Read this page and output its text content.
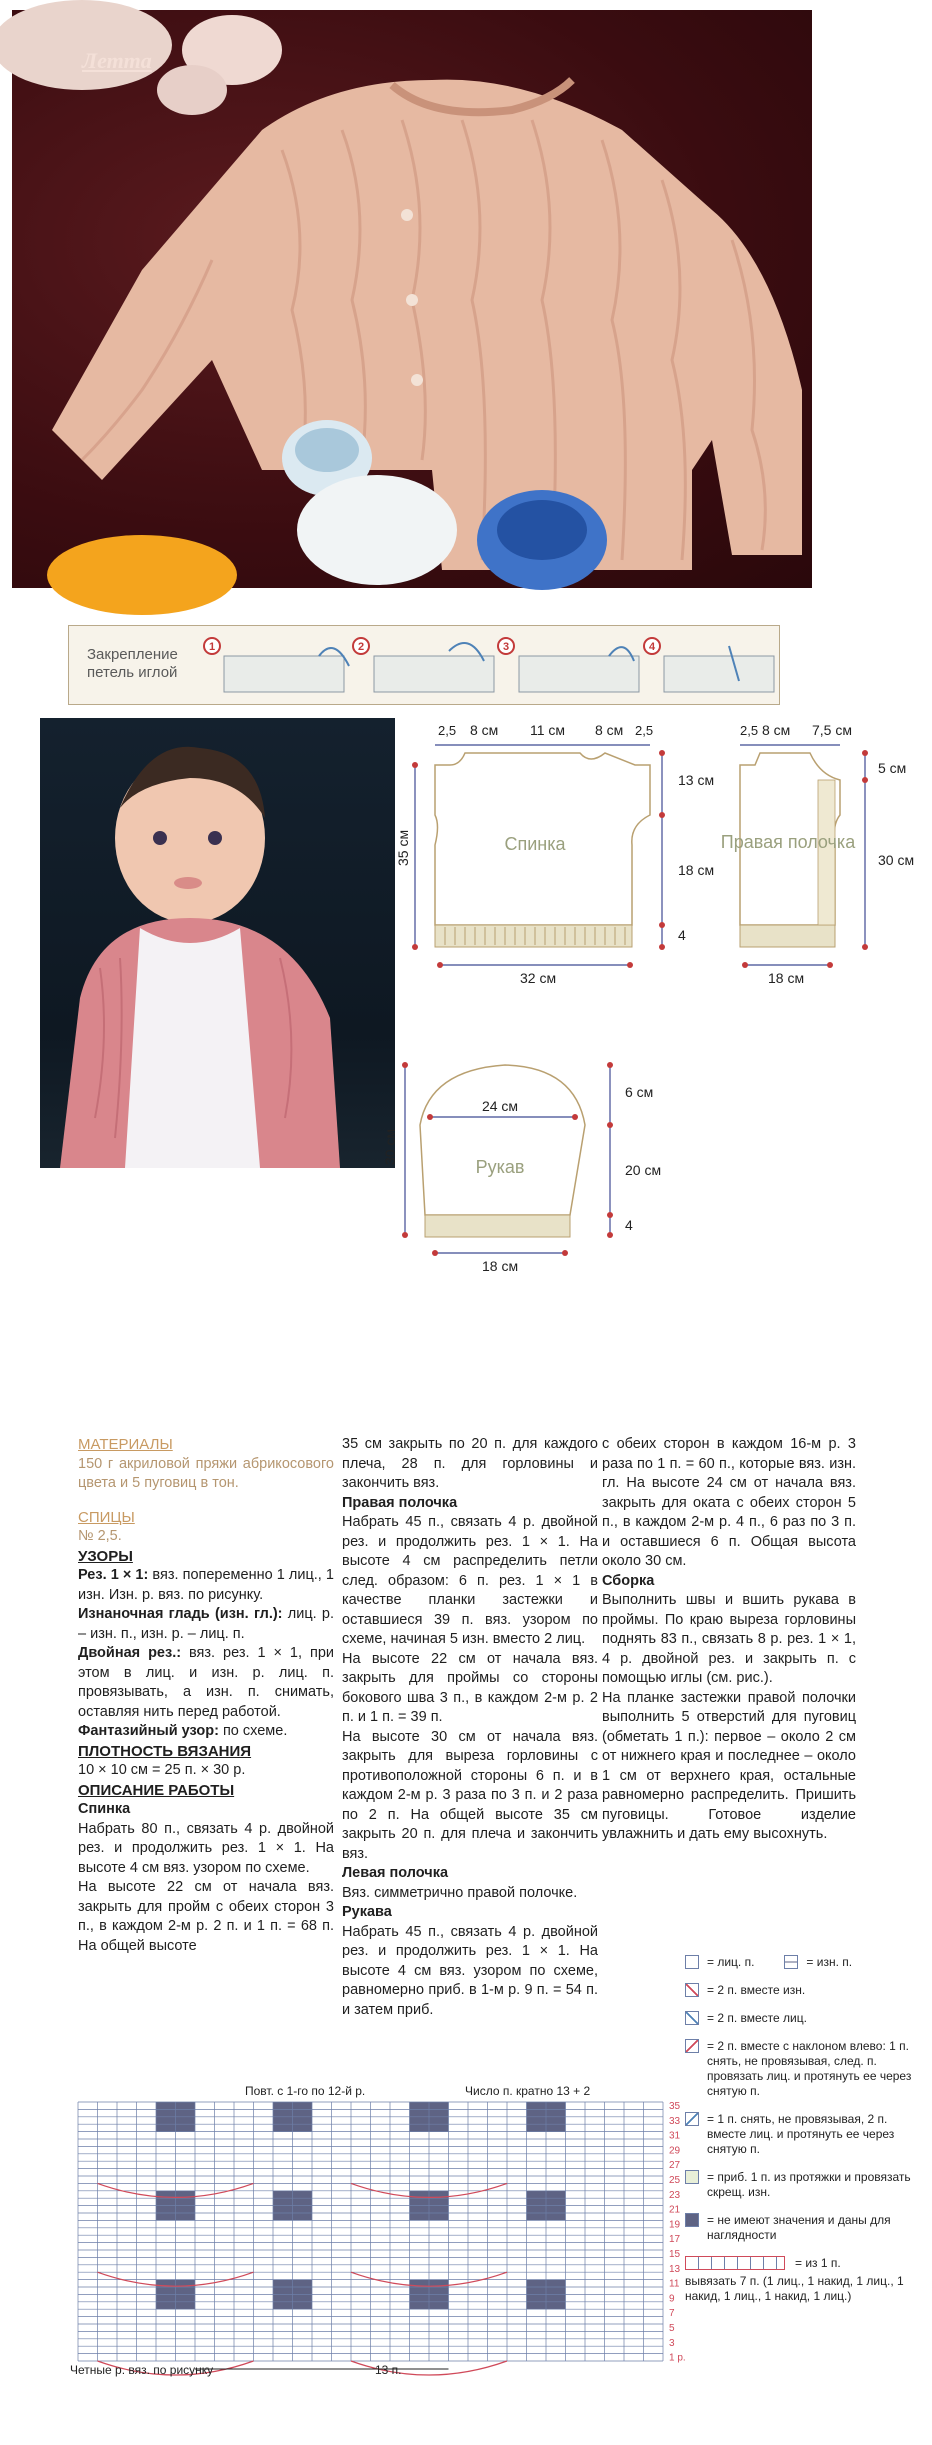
Летта
Закрепление петель иглой
1	2	3	4
Спинка
2,5 8 см 11 см 8 см 2,5
13 см
18 см
4
35 см
32 см
Правая полочка
2,5 8 см 7,5 см
5 см
30 см
18 см
Рукав
24 см
6 см
20 см
4
30 см
18 см

МАТЕРИАЛЫ

150 г акриловой пряжи абрикосового цвета и 5 пуговиц в тон.

СПИЦЫ

№ 2,5.

УЗОРЫ

Рез. 1 × 1: вяз. попеременно 1 лиц., 1 изн. Изн. р. вяз. по рисунку.

Изнаночная гладь (изн. гл.): лиц. р. – изн. п., изн. р. – лиц. п.

Двойная рез.: вяз. рез. 1 × 1, при этом в лиц. и изн. р. лиц. п. провязывать, а изн. п. снимать, оставляя нить перед работой.

Фантазийный узор: по схеме.

ПЛОТНОСТЬ ВЯЗАНИЯ

10 × 10 см = 25 п. × 30 р.

ОПИСАНИЕ РАБОТЫ

Спинка

Набрать 80 п., связать 4 р. двойной рез. и продолжить рез. 1 × 1. На высоте 4 см вяз. узором по схеме.

На высоте 22 см от начала вяз. закрыть для пройм с обеих сторон 3 п., в каждом 2-м р. 2 п. и 1 п. = 68 п. На общей высоте

35 см закрыть по 20 п. для каждого плеча, 28 п. для горловины и закончить вяз.

Правая полочка

Набрать 45 п., связать 4 р. двойной рез. и продолжить рез. 1 × 1. На высоте 4 см распределить петли след. образом: 6 п. рез. 1 × 1 в качестве планки застежки и оставшиеся 39 п. вяз. узором по схеме, начиная 5 изн. вместо 2 лиц.

На высоте 22 см от начала вяз. закрыть для проймы со стороны бокового шва 3 п., в каждом 2-м р. 2 п. и 1 п. = 39 п.

На высоте 30 см от начала вяз. закрыть для выреза горловины с противоположной стороны 6 п. и в каждом 2-м р. 3 раза по 3 п. и 2 раза по 2 п. На общей высоте 35 см закрыть 20 п. для плеча и закончить вяз.

Левая полочка

Вяз. симметрично правой полочке.

Рукава

Набрать 45 п., связать 4 р. двойной рез. и продолжить рез. 1 × 1. На высоте 4 см вяз. узором по схеме, равномерно приб. в 1-м р. 9 п. = 54 п. и затем приб.

с обеих сторон в каждом 16-м р. 3 раза по 1 п. = 60 п., которые вяз. изн. гл. На высоте 24 см от начала вяз. закрыть для оката с обеих сторон 5 п., в каждом 2-м р. 4 п., 6 раз по 3 п. и оставшиеся 6 п. Общая высота около 30 см.

Сборка

Выполнить швы и вшить рукава в проймы. По краю выреза горловины поднять 83 п., связать 8 р. рез. 1 × 1, 4 р. двойной рез. и закрыть п. с помощью иглы (см. рис.).

На планке застежки правой полочки выполнить 5 отверстий для пуговиц (обметать 1 п.): первое – около 2 см от нижнего края и последнее – около 1 см от верхнего края, остальные равномерно распределить. Пришить пуговицы. Готовое изделие увлажнить и дать ему высохнуть.

Повт. с 1-го по 12-й р.	Число п. кратно 13 + 2
35
33
31
29
27
25
23
21
19
17
15
13
11
9
7
5
3
1 р.
Четные р. вяз. по рисунку	13 п.
= лиц. п.	= изн. п.
= 2 п. вместе изн.
= 2 п. вместе лиц.
= 2 п. вместе с наклоном влево: 1 п. снять, не провязывая, след. п. провязать лиц. и протянуть ее через снятую п.
= 1 п. снять, не провязывая, 2 п. вместе лиц. и протянуть ее через снятую п.
= приб. 1 п. из протяжки и провязать скрещ. изн.
= не имеют значения и даны для наглядности
= из 1 п.
вывязать 7 п. (1 лиц., 1 накид, 1 лиц., 1 накид, 1 лиц., 1 накид, 1 лиц.)
